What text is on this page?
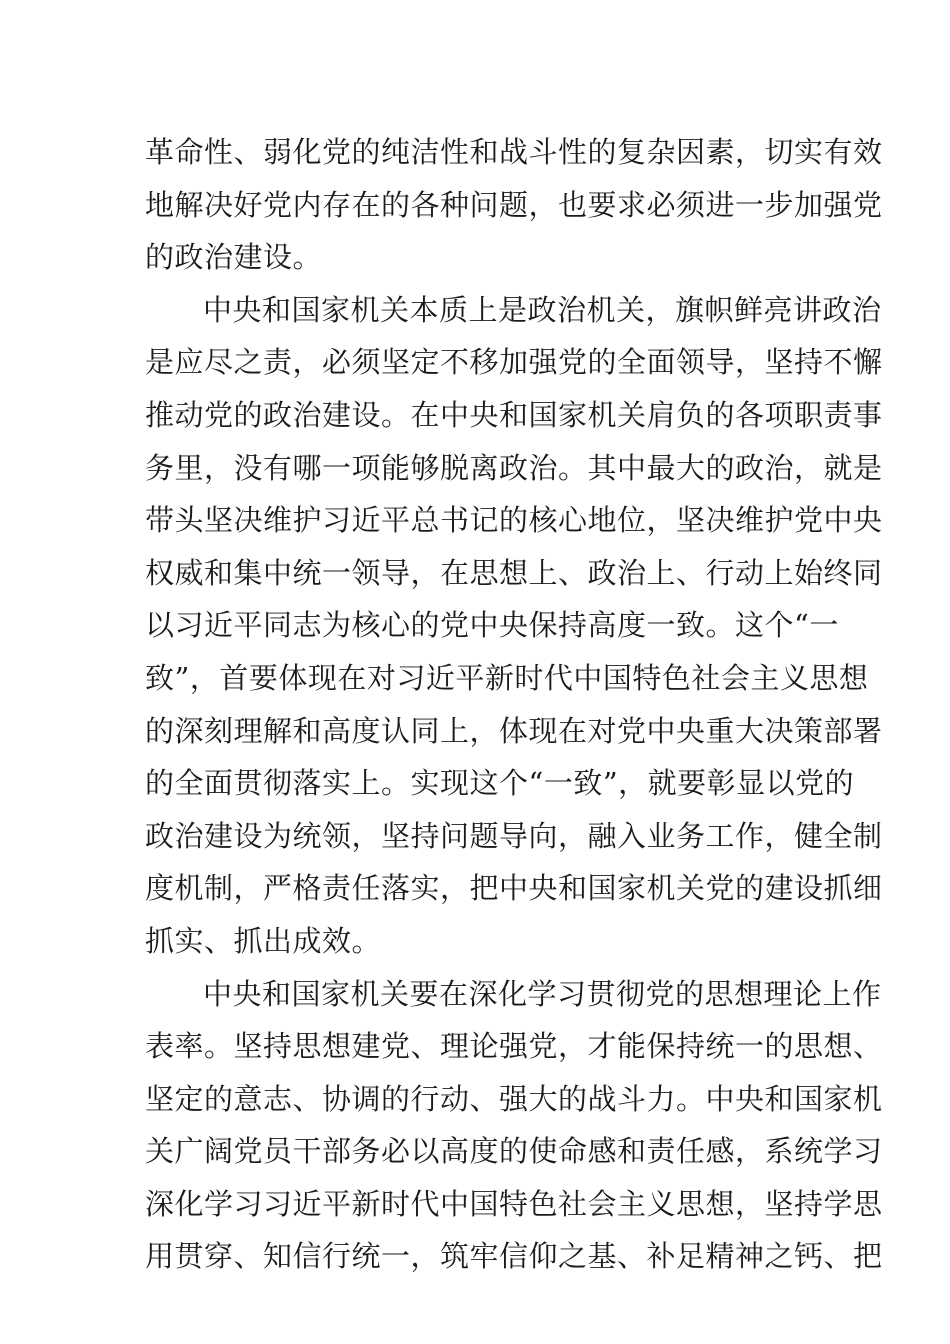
革命性、弱化党的纯洁性和战斗性的复杂因素，切实有效
地解决好党内存在的各种问题，也要求必须进一步加强党
的政治建设。
中央和国家机关本质上是政治机关，旗帜鲜亮讲政治
是应尽之责，必须坚定不移加强党的全面领导，坚持不懈
推动党的政治建设。在中央和国家机关肩负的各项职责事
务里，没有哪一项能够脱离政治。其中最大的政治，就是
带头坚决维护习近平总书记的核心地位，坚决维护党中央
权威和集中统一领导，在思想上、政治上、行动上始终同
以习近平同志为核心的党中央保持高度一致。这个“一
致”，首要体现在对习近平新时代中国特色社会主义思想
的深刻理解和高度认同上，体现在对党中央重大决策部署
的全面贯彻落实上。实现这个“一致”，就要彰显以党的
政治建设为统领，坚持问题导向，融入业务工作，健全制
度机制，严格责任落实，把中央和国家机关党的建设抓细
抓实、抓出成效。
中央和国家机关要在深化学习贯彻党的思想理论上作
表率。坚持思想建党、理论强党，才能保持统一的思想、
坚定的意志、协调的行动、强大的战斗力。中央和国家机
关广阔党员干部务必以高度的使命感和责任感，系统学习
深化学习习近平新时代中国特色社会主义思想，坚持学思
用贯穿、知信行统一，筑牢信仰之基、补足精神之钙、把
